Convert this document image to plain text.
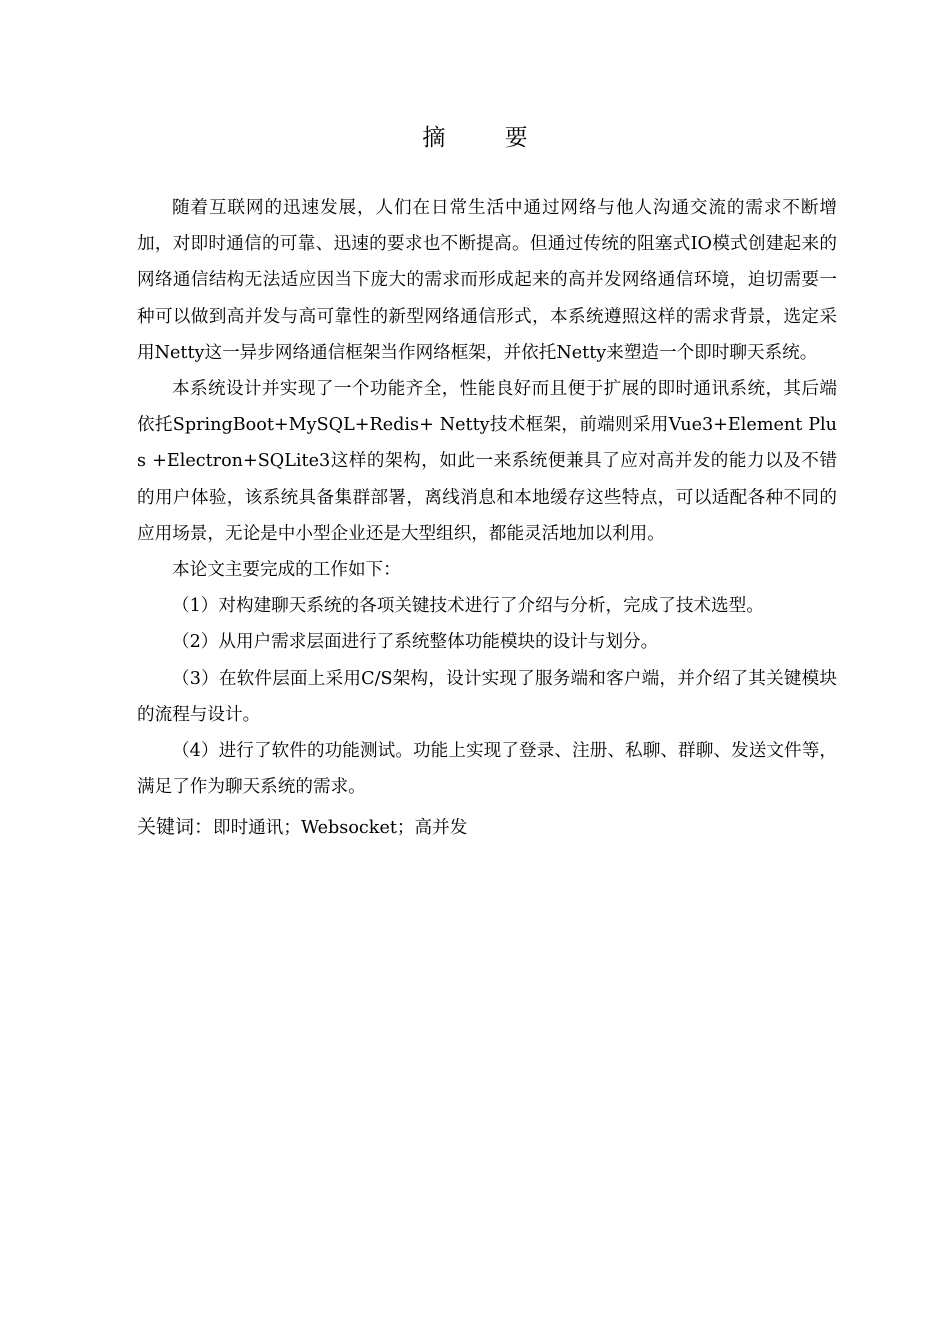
摘 要

随着互联网的迅速发展，人们在日常生活中通过网络与他人沟通交流的需求不断增加，对即时通信的可靠、迅速的要求也不断提高。但通过传统的阻塞式IO模式创建起来的网络通信结构无法适应因当下庞大的需求而形成起来的高并发网络通信环境，迫切需要一种可以做到高并发与高可靠性的新型网络通信形式，本系统遵照这样的需求背景，选定采用Netty这一异步网络通信框架当作网络框架，并依托Netty来塑造一个即时聊天系统。

本系统设计并实现了一个功能齐全，性能良好而且便于扩展的即时通讯系统，其后端依托SpringBoot+MySQL+Redis+ Netty技术框架，前端则采用Vue3+Element Plus +Electron+SQLite3这样的架构，如此一来系统便兼具了应对高并发的能力以及不错的用户体验，该系统具备集群部署，离线消息和本地缓存这些特点，可以适配各种不同的应用场景，无论是中小型企业还是大型组织，都能灵活地加以利用。

本论文主要完成的工作如下：

（1）对构建聊天系统的各项关键技术进行了介绍与分析，完成了技术选型。

（2）从用户需求层面进行了系统整体功能模块的设计与划分。

（3）在软件层面上采用C/S架构，设计实现了服务端和客户端，并介绍了其关键模块的流程与设计。

（4）进行了软件的功能测试。功能上实现了登录、注册、私聊、群聊、发送文件等，满足了作为聊天系统的需求。

关键词：即时通讯；Websocket；高并发
